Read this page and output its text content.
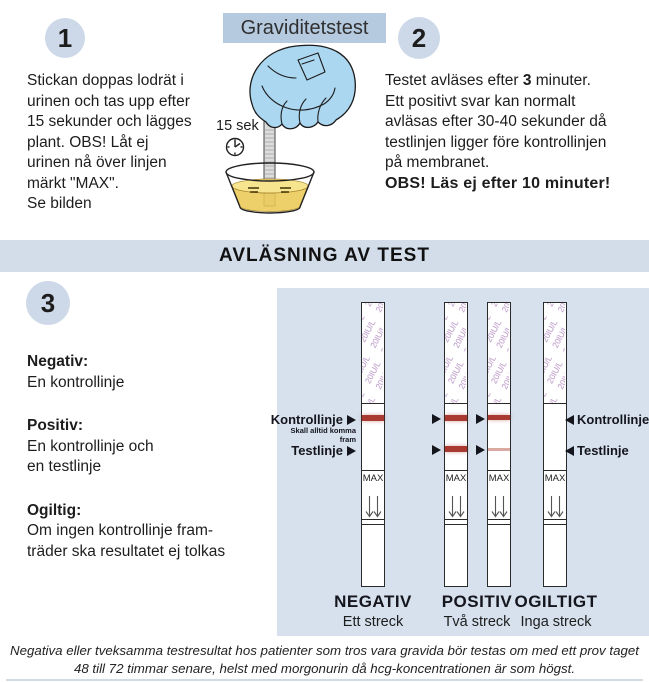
1
Stickan doppas lodrät i
urinen och tas upp efter
15 sekunder och lägges
plant. OBS! Låt ej
urinen nå över linjen
märkt "MAX".
Se bilden
15 sek
Graviditetstest 2
Testet avläses efter 3 minuter.
Ett positivt svar kan normalt
avläsas efter 30-40 sekunder då
testlinjen ligger före kontrollinjen
på membranet.
OBS! Läs ej efter 10 minuter!
AVLÄSNING AV TEST
3
Negativ:
En kontrollinje
Positiv:
En kontrollinje och
en testlinje
Ogiltig:
Om ingen kontrollinje fram-
träder ska resultatet ej tolkas
MAX	MAX MAX	MAX
Kontrollinje
Skall alltid komma fram
Testlinje
Kontrollinje
Testlinje
NEGATIV
Ett streck
POSITIV
Två streck
OGILTIGT
Inga streck
Negativa eller tveksamma testresultat hos patienter som tros vara gravida bör testas om med ett prov taget
48 till 72 timmar senare, helst med morgonurin då hcg-koncentrationen är som högst.
